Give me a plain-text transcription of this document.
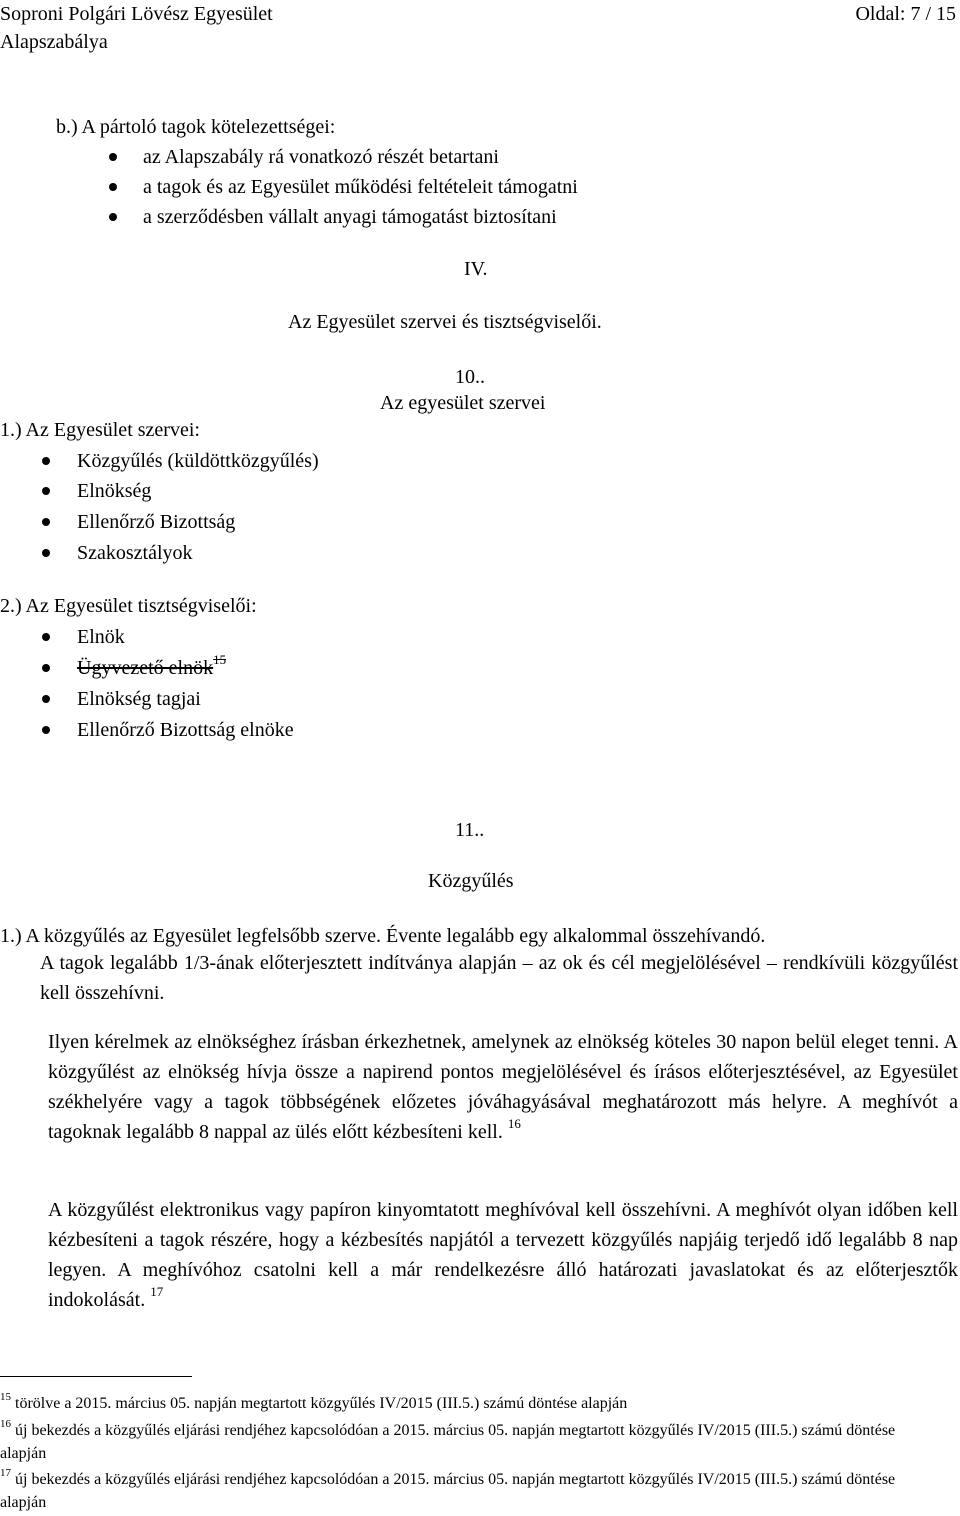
Soproni Polgári Lövész Egyesület
Alapszabálya
Oldal: 7 / 15
b.) A pártoló tagok kötelezettségei:
az Alapszabály rá vonatkozó részét betartani
a tagok és az Egyesület működési feltételeit támogatni
a szerződésben vállalt anyagi támogatást biztosítani
IV.
Az Egyesület szervei és tisztségviselői.
10..
Az egyesület szervei
1.) Az Egyesület szervei:
Közgyűlés (küldöttközgyűlés)
Elnökség
Ellenőrző Bizottság
Szakosztályok
2.) Az Egyesület tisztségviselői:
Elnök
Ügyvezető elnök$^{15}$
Elnökség tagjai
Ellenőrző Bizottság elnöke
11..
Közgyűlés
1.) A közgyűlés az Egyesület legfelsőbb szerve. Évente legalább egy alkalommal összehívandó.
A tagok legalább 1/3-ának előterjesztett indítványa alapján – az ok és cél megjelölésével – rendkívüli közgyűlést kell összehívni.
Ilyen kérelmek az elnökséghez írásban érkezhetnek, amelynek az elnökség köteles 30 napon belül eleget tenni. A közgyűlést az elnökség hívja össze a napirend pontos megjelölésével és írásos előterjesztésével, az Egyesület székhelyére vagy a tagok többségének előzetes jóváhagyásával meghatározott más helyre. A meghívót a tagoknak legalább 8 nappal az ülés előtt kézbesíteni kell. $^{16}$
A közgyűlést elektronikus vagy papíron kinyomtatott meghívóval kell összehívni. A meghívót olyan időben kell kézbesíteni a tagok részére, hogy a kézbesítés napjától a tervezett közgyűlés napjáig terjedő idő legalább 8 nap legyen. A meghívóhoz csatolni kell a már rendelkezésre álló határozati javaslatokat és az előterjesztők indokolását. $^{17}$
$^{15}$ törölve a 2015. március 05. napján megtartott közgyűlés IV/2015 (III.5.) számú döntése alapján
$^{16}$ új bekezdés a közgyűlés eljárási rendjéhez kapcsolódóan a 2015. március 05. napján megtartott közgyűlés IV/2015 (III.5.) számú döntése alapján
$^{17}$ új bekezdés a közgyűlés eljárási rendjéhez kapcsolódóan a 2015. március 05. napján megtartott közgyűlés IV/2015 (III.5.) számú döntése alapján
